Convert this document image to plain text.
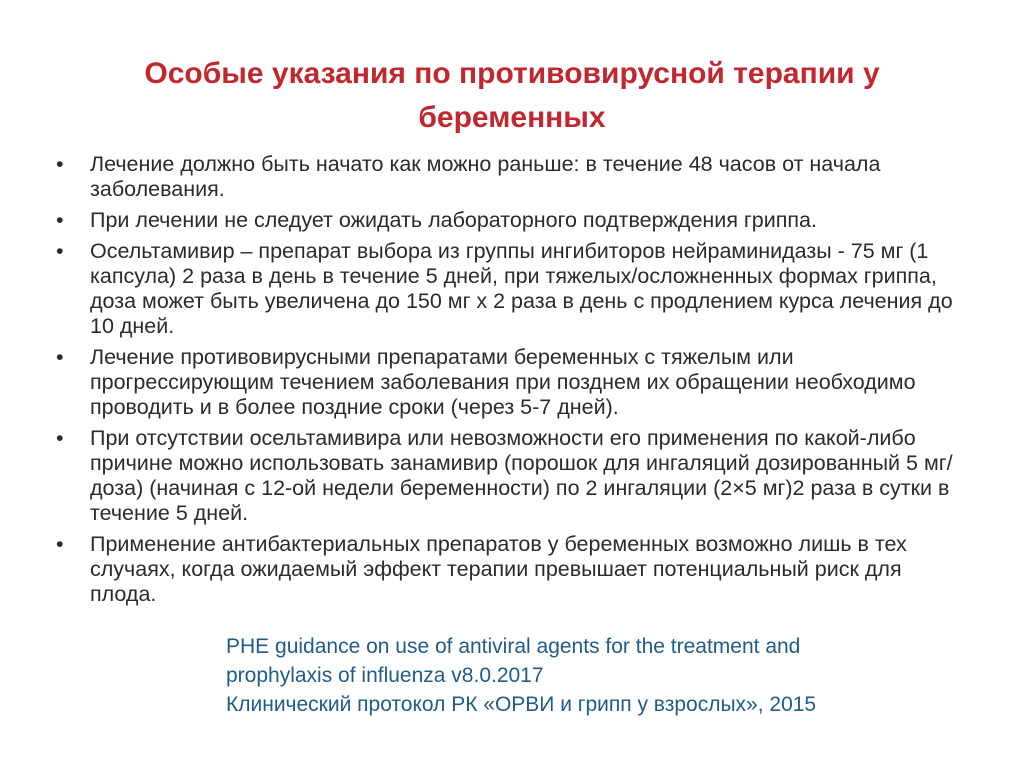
Особые указания по противовирусной терапии у беременных
•	Лечение должно быть начато как можно раньше: в течение 48 часов от начала заболевания.
•	При лечении не следует ожидать лабораторного подтверждения гриппа.
•	Осельтамивир – препарат выбора из группы ингибиторов нейраминидазы - 75 мг (1 капсула) 2 раза в день в течение 5 дней, при тяжелых/осложненных формах гриппа, доза может быть увеличена до 150 мг х 2 раза в день с продлением курса лечения до 10 дней.
•	Лечение противовирусными препаратами беременных с тяжелым или прогрессирующим течением заболевания при позднем их обращении необходимо проводить и в более поздние сроки (через 5-7 дней).
•	При отсутствии осельтамивира или невозможности его применения по какой-либо причине можно использовать занамивир (порошок для ингаляций дозированный 5 мг/доза) (начиная с 12-ой недели беременности) по 2 ингаляции (2×5 мг)2 раза в сутки в течение 5 дней.
•	Применение антибактериальных препаратов у беременных возможно лишь в тех случаях, когда ожидаемый эффект терапии превышает потенциальный риск для плода.
PHE guidance on use of antiviral agents for the treatment and
prophylaxis of influenza v8.0.2017
Клинический протокол РК «ОРВИ и грипп у взрослых», 2015
